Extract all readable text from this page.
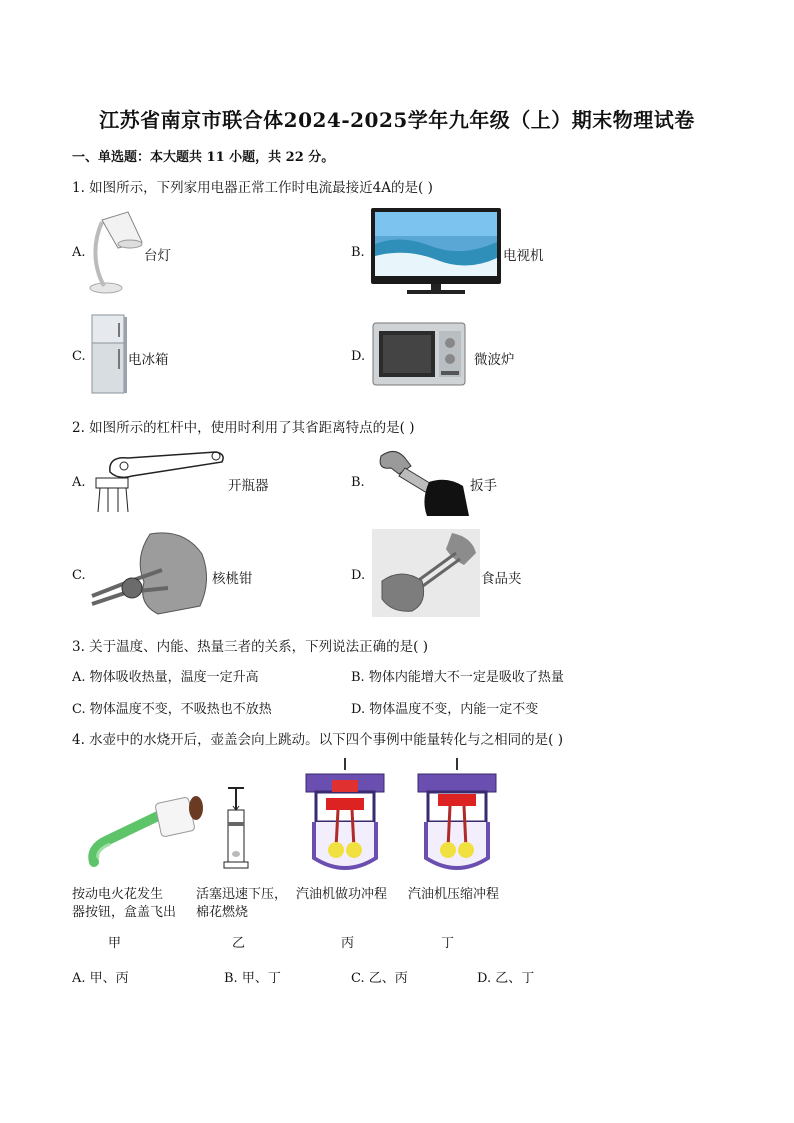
江苏省南京市联合体2024-2025学年九年级（上）期末物理试卷
一、单选题：本大题共 11 小题，共 22 分。
1. 如图所示，下列家用电器正常工作时电流最接近4A的是( )
A.	台灯	B.	电视机
C.	电冰箱	D.	微波炉
2. 如图所示的杠杆中，使用时利用了其省距离特点的是( )
A.	开瓶器	B.	扳手
C.	核桃钳	D.	食品夹
3. 关于温度、内能、热量三者的关系，下列说法正确的是( )
A. 物体吸收热量，温度一定升高	B. 物体内能增大不一定是吸收了热量
C. 物体温度不变，不吸热也不放热	D. 物体温度不变，内能一定不变
4. 水壶中的水烧开后，壶盖会向上跳动。以下四个事例中能量转化与之相同的是( )
按动电火花发生
器按钮，盒盖飞出
活塞迅速下压，
棉花燃烧
汽油机做功冲程 汽油机压缩冲程
甲	乙	丙	丁
A. 甲、丙	B. 甲、丁	C. 乙、丙	D. 乙、丁
